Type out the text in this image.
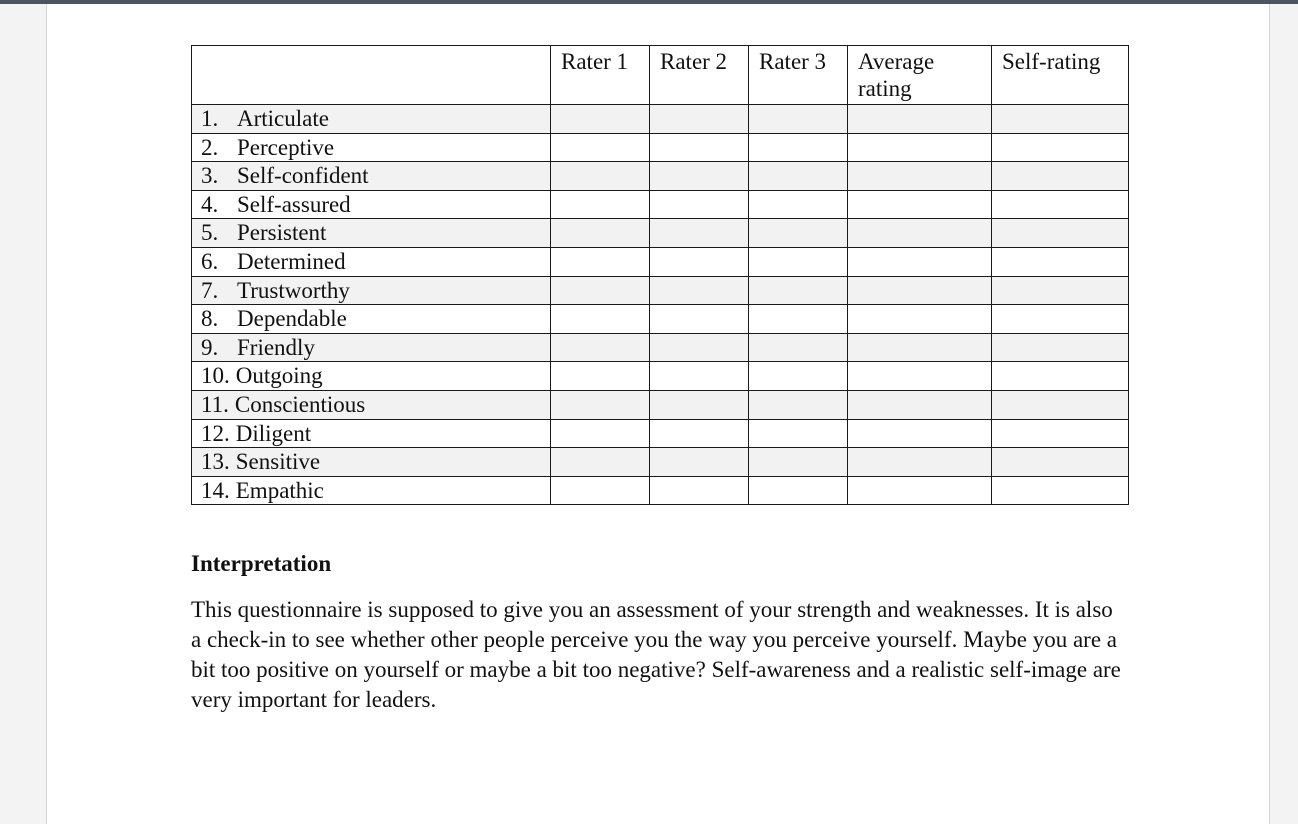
	Rater 1	Rater 2	Rater 3	Average rating	Self-rating
1. Articulate					
2. Perceptive					
3. Self-confident					
4. Self-assured					
5. Persistent					
6. Determined					
7. Trustworthy					
8. Dependable					
9. Friendly					
10. Outgoing					
11. Conscientious					
12. Diligent					
13. Sensitive					
14. Empathic					
Interpretation

This questionnaire is supposed to give you an assessment of your strength and weaknesses. It is also a check-in to see whether other people perceive you the way you perceive yourself. Maybe you are a bit too positive on yourself or maybe a bit too negative? Self-awareness and a realistic self-image are very important for leaders.
